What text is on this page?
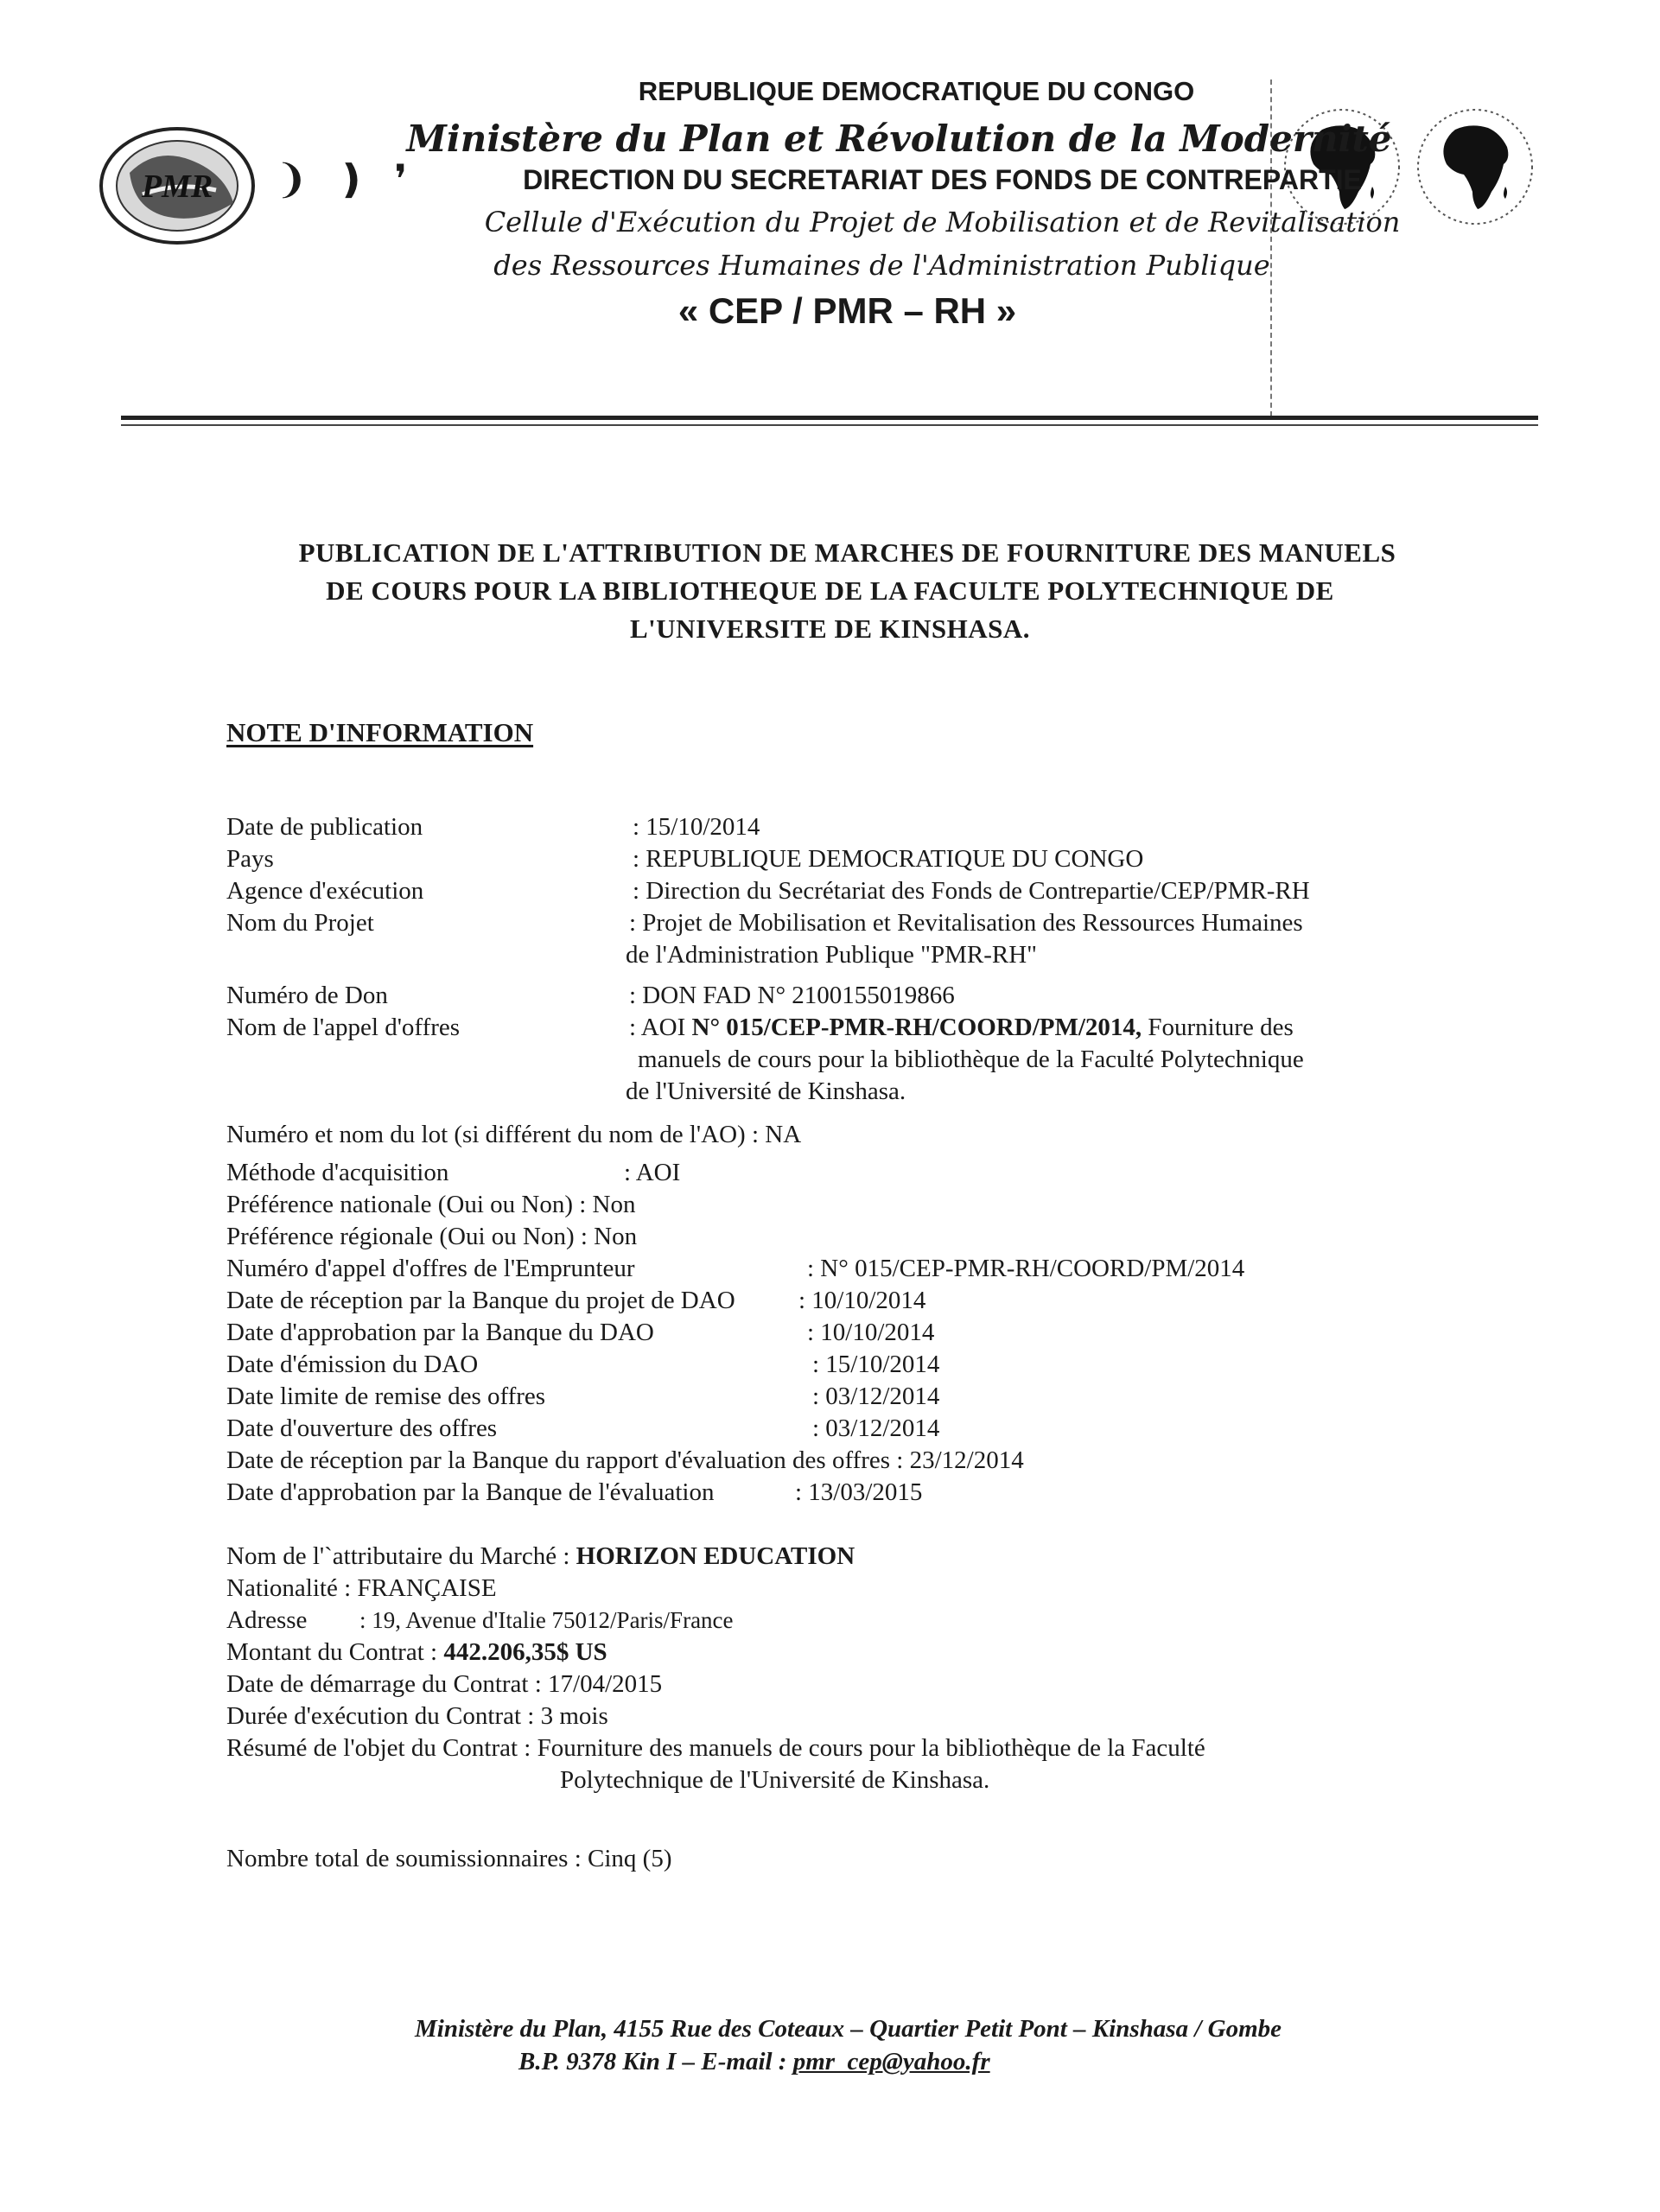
PMR ❩ ❫ ❜
REPUBLIQUE DEMOCRATIQUE DU CONGO
Ministère du Plan et Révolution de la Modernité
DIRECTION DU SECRETARIAT DES FONDS DE CONTREPARTIE
Cellule d'Exécution du Projet de Mobilisation et de Revitalisation
des Ressources Humaines de l'Administration Publique
« CEP / PMR – RH »
PUBLICATION DE L'ATTRIBUTION DE MARCHES DE FOURNITURE DES MANUELS
DE COURS POUR LA BIBLIOTHEQUE DE LA FACULTE POLYTECHNIQUE DE
L'UNIVERSITE DE KINSHASA.
NOTE D'INFORMATION
Date de publication	: 15/10/2014
Pays	: REPUBLIQUE DEMOCRATIQUE DU CONGO
Agence d'exécution	: Direction du Secrétariat des Fonds de Contrepartie/CEP/PMR-RH
Nom du Projet	: Projet de Mobilisation et Revitalisation des Ressources Humaines
de l'Administration Publique "PMR-RH"
Numéro de Don	: DON FAD N° 2100155019866
Nom de l'appel d'offres	: AOI N° 015/CEP-PMR-RH/COORD/PM/2014, Fourniture des
manuels de cours pour la bibliothèque de la Faculté Polytechnique
de l'Université de Kinshasa.
Numéro et nom du lot (si différent du nom de l'AO) : NA
Méthode d'acquisition	: AOI
Préférence nationale (Oui ou Non) : Non
Préférence régionale (Oui ou Non) : Non
Numéro d'appel d'offres de l'Emprunteur	: N° 015/CEP-PMR-RH/COORD/PM/2014
Date de réception par la Banque du projet de DAO	: 10/10/2014
Date d'approbation par la Banque du DAO	: 10/10/2014
Date d'émission du DAO	: 15/10/2014
Date limite de remise des offres	: 03/12/2014
Date d'ouverture des offres	: 03/12/2014
Date de réception par la Banque du rapport d'évaluation des offres : 23/12/2014
Date d'approbation par la Banque de l'évaluation	: 13/03/2015
Nom de l'`attributaire du Marché : HORIZON EDUCATION
Nationalité : FRANÇAISE
Adresse : 19, Avenue d'Italie 75012/Paris/France
Montant du Contrat : 442.206,35$ US
Date de démarrage du Contrat : 17/04/2015
Durée d'exécution du Contrat : 3 mois
Résumé de l'objet du Contrat : Fourniture des manuels de cours pour la bibliothèque de la Faculté
Polytechnique de l'Université de Kinshasa.
Nombre total de soumissionnaires : Cinq (5)
Ministère du Plan, 4155 Rue des Coteaux – Quartier Petit Pont – Kinshasa / Gombe
B.P. 9378 Kin I – E-mail : pmr_cep@yahoo.fr
